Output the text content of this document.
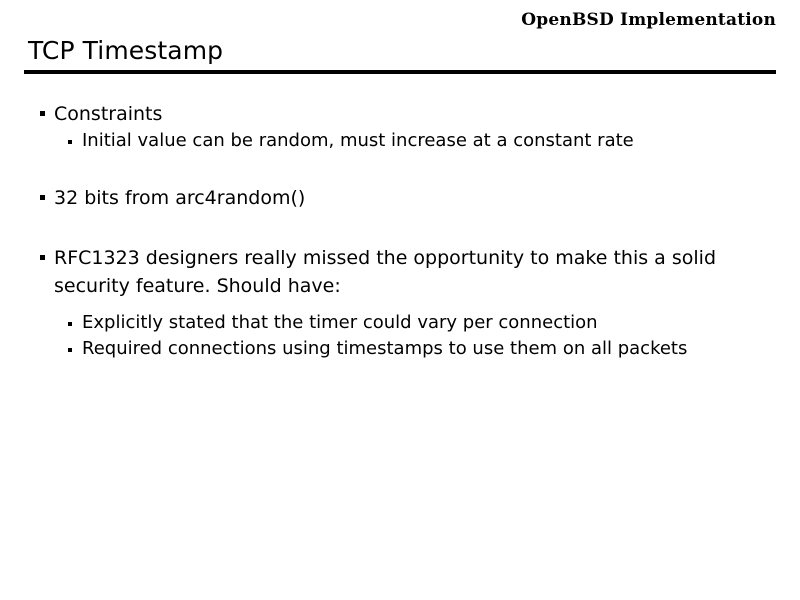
OpenBSD Implementation
TCP Timestamp
Constraints
Initial value can be random, must increase at a constant rate
32 bits from arc4random()
RFC1323 designers really missed the opportunity to make this a solid security feature. Should have:
Explicitly stated that the timer could vary per connection
Required connections using timestamps to use them on all packets
